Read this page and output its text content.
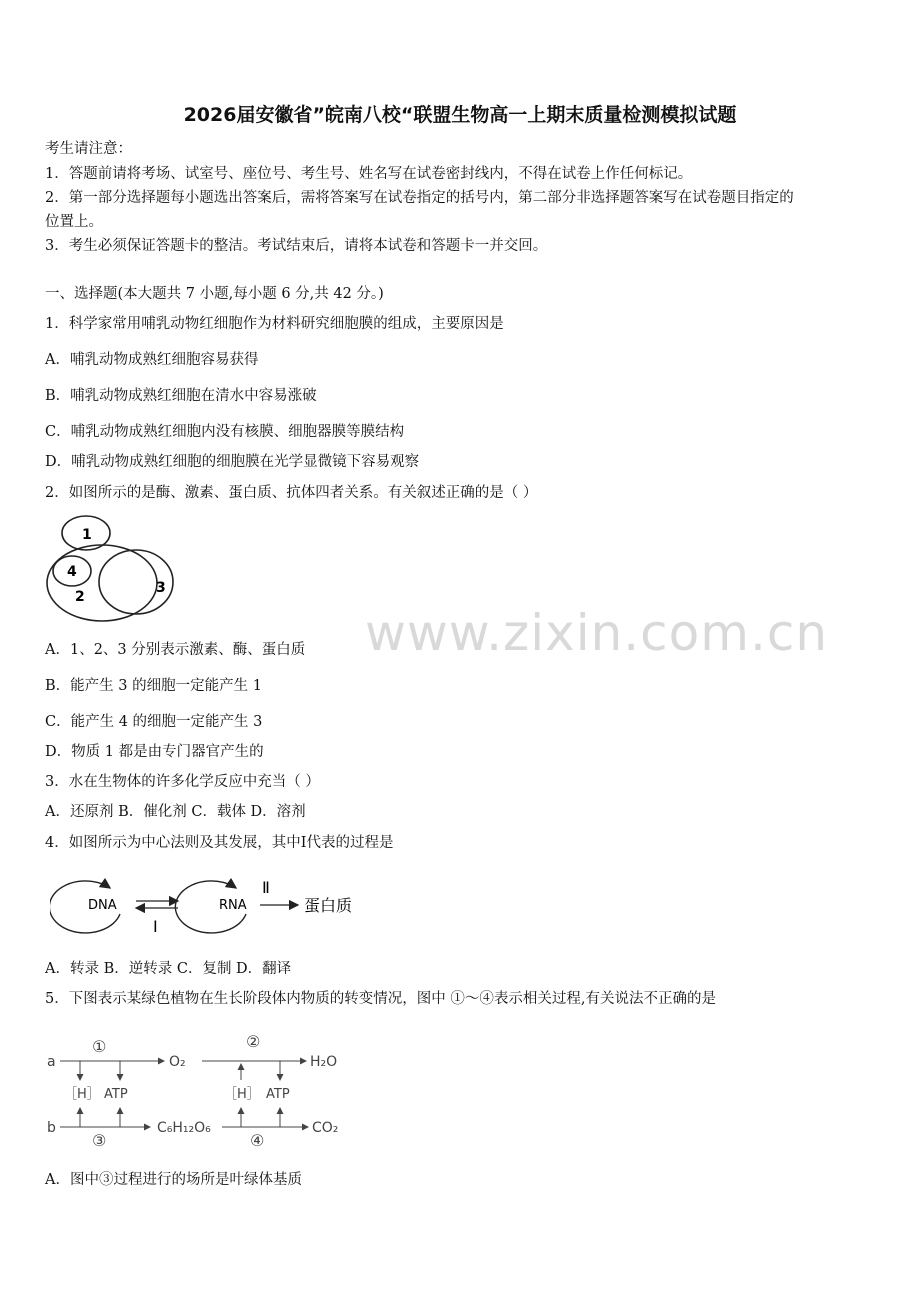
2026届安徽省”皖南八校“联盟生物高一上期末质量检测模拟试题
考生请注意：
1．答题前请将考场、试室号、座位号、考生号、姓名写在试卷密封线内，不得在试卷上作任何标记。
2．第一部分选择题每小题选出答案后，需将答案写在试卷指定的括号内，第二部分非选择题答案写在试卷题目指定的
位置上。
3．考生必须保证答题卡的整洁。考试结束后，请将本试卷和答题卡一并交回。
一、选择题(本大题共 7 小题,每小题 6 分,共 42 分。)
1．科学家常用哺乳动物红细胞作为材料研究细胞膜的组成，主要原因是
A．哺乳动物成熟红细胞容易获得
B．哺乳动物成熟红细胞在清水中容易涨破
C．哺乳动物成熟红细胞内没有核膜、细胞器膜等膜结构
D．哺乳动物成熟红细胞的细胞膜在光学显微镜下容易观察
2．如图所示的是酶、激素、蛋白质、抗体四者关系。有关叙述正确的是（ ）
1
2
3
4
A．1、2、3 分别表示激素、酶、蛋白质
B．能产生 3 的细胞一定能产生 1
C．能产生 4 的细胞一定能产生 3
D．物质 1 都是由专门器官产生的
3．水在生物体的许多化学反应中充当（ ）
A．还原剂 B．催化剂 C．载体 D．溶剂
4．如图所示为中心法则及其发展，其中Ⅰ代表的过程是
DNA
Ⅰ
RNA
Ⅱ
蛋白质
A．转录 B．逆转录 C．复制 D．翻译
5．下图表示某绿色植物在生长阶段体内物质的转变情况，图中 ①～④表示相关过程,有关说法不正确的是
a
①
O₂
［H］ ATP
②
H₂O
［H］ ATP
b
③
C₆H₁₂O₆
④
CO₂
A．图中③过程进行的场所是叶绿体基质
www.zixin.com.cn
